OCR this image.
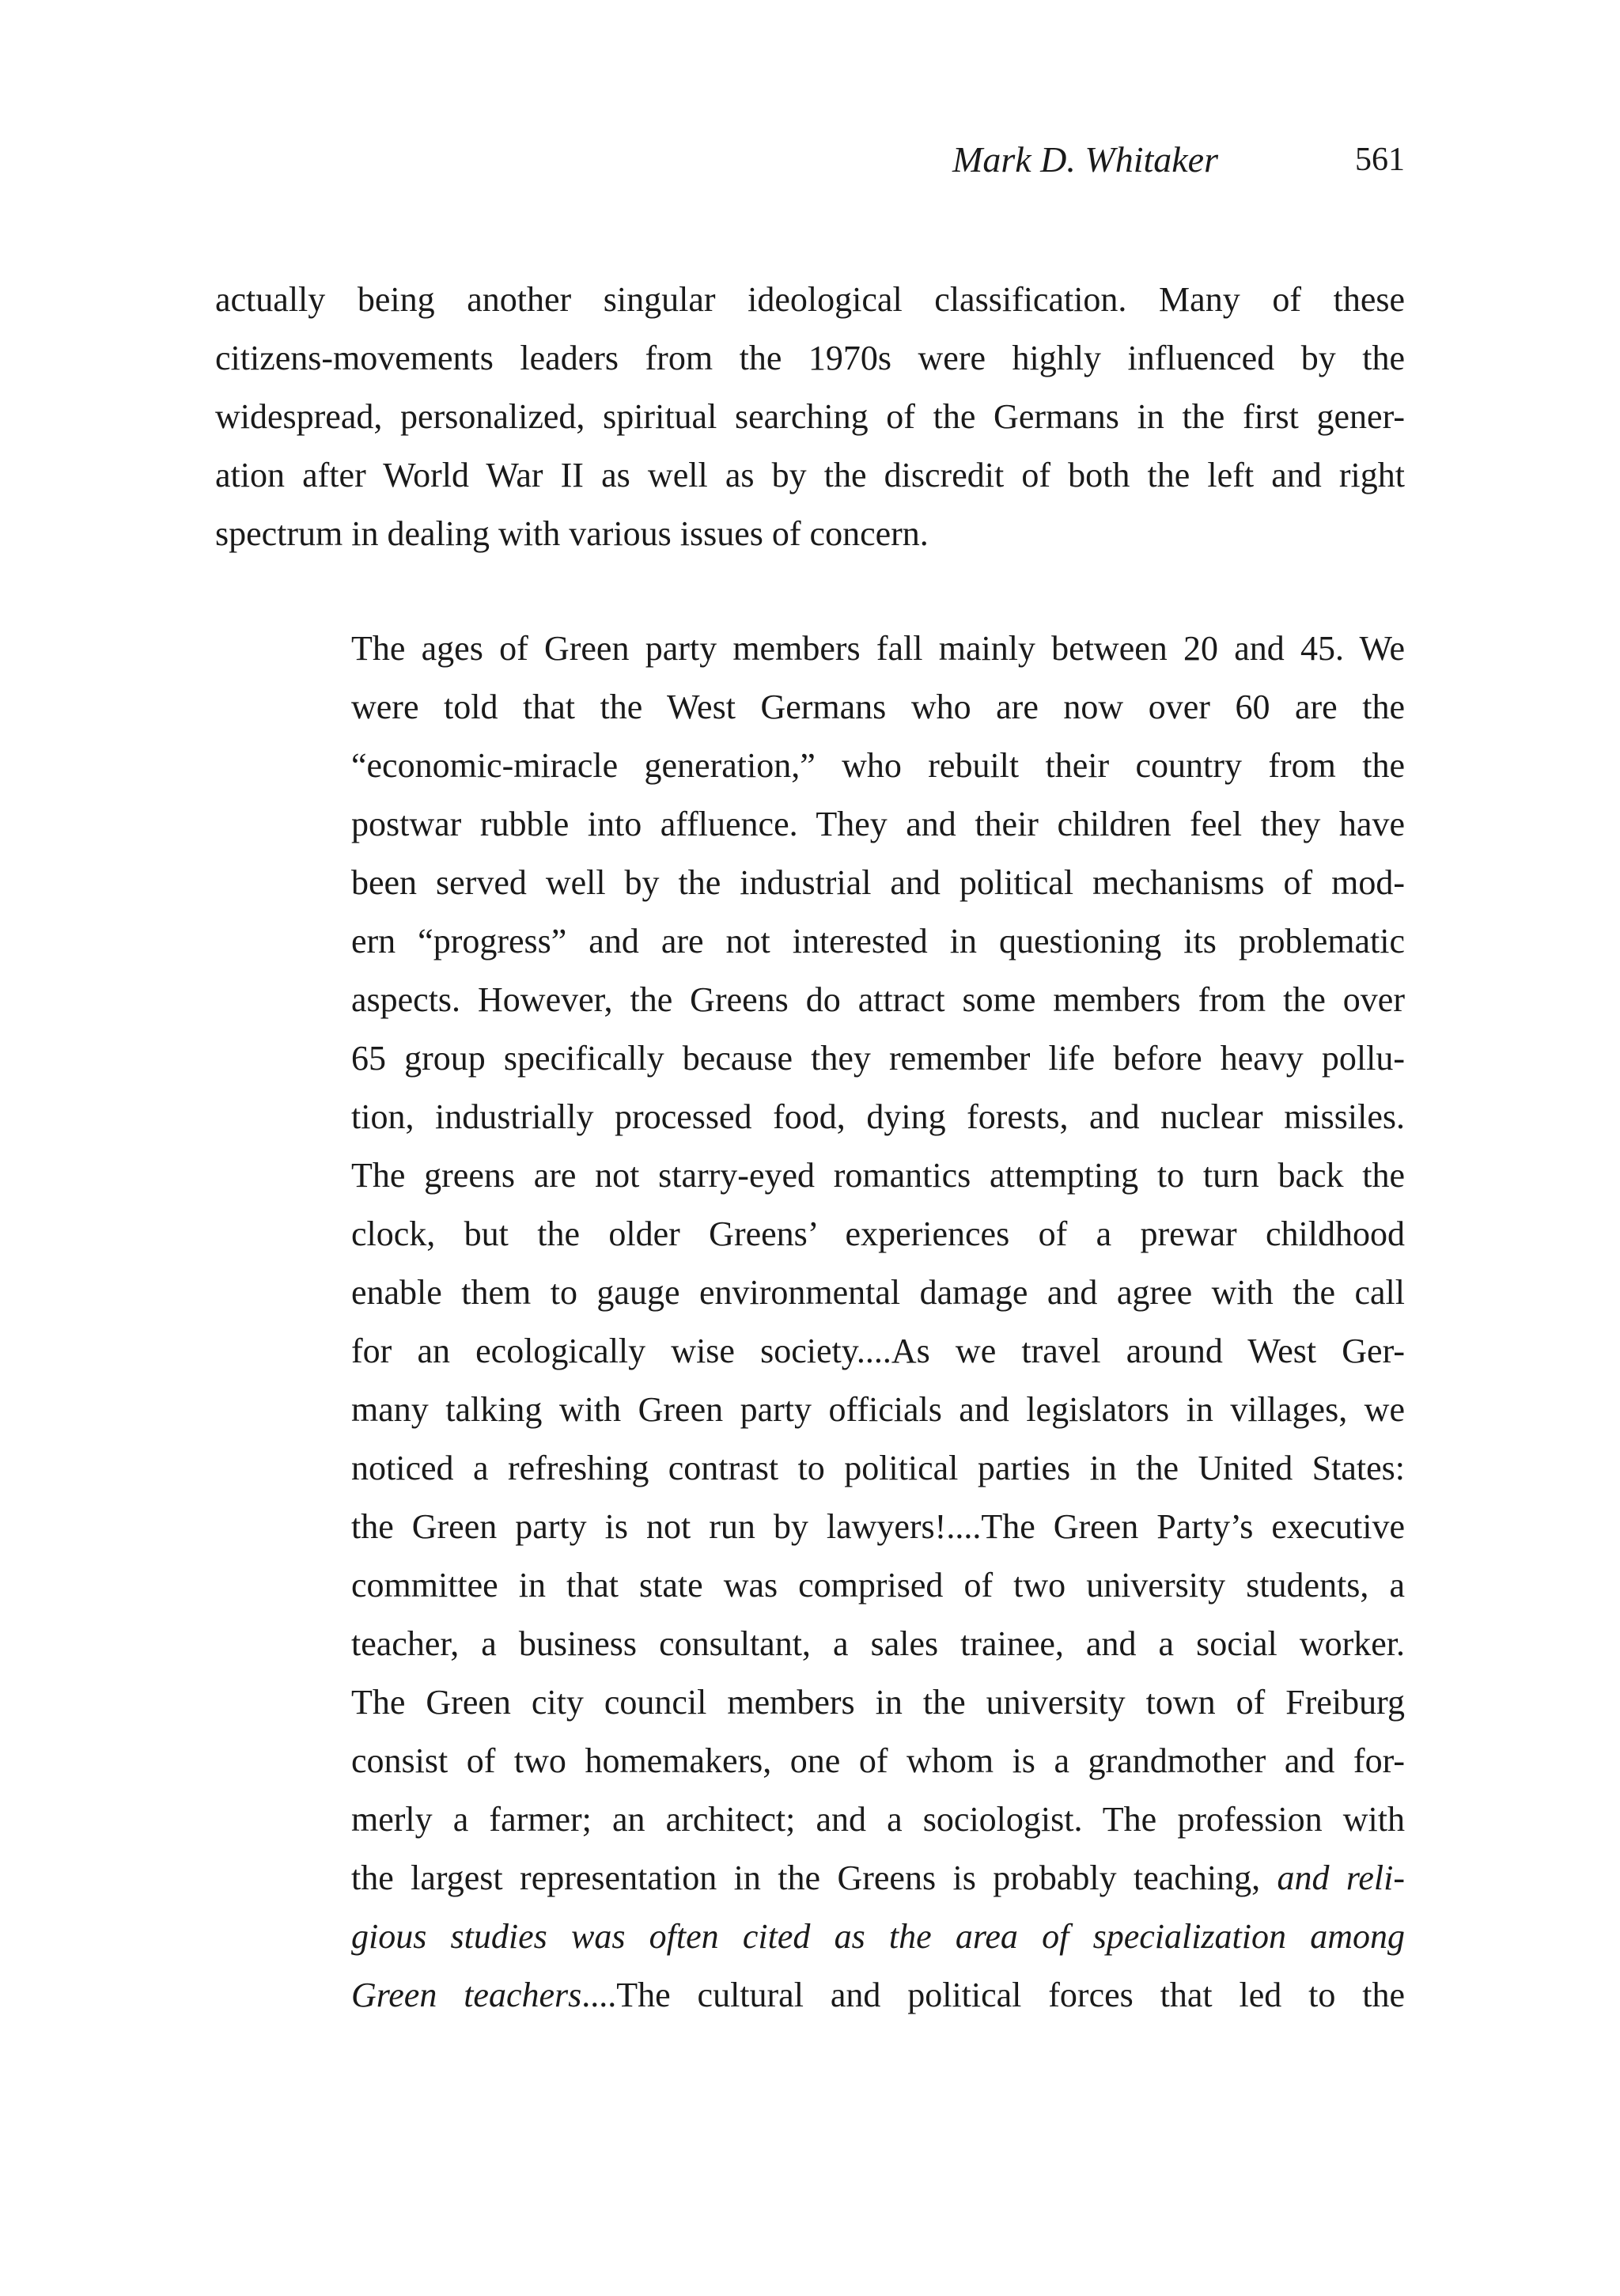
Mark D. Whitaker	561
actually being another singular ideological classification. Many of these
citizens-movements leaders from the 1970s were highly influenced by the
widespread, personalized, spiritual searching of the Germans in the first gener-
ation after World War II as well as by the discredit of both the left and right
spectrum in dealing with various issues of concern.
The ages of Green party members fall mainly between 20 and 45. We
were told that the West Germans who are now over 60 are the
“economic-miracle generation,” who rebuilt their country from the
postwar rubble into affluence. They and their children feel they have
been served well by the industrial and political mechanisms of mod-
ern “progress” and are not interested in questioning its problematic
aspects. However, the Greens do attract some members from the over
65 group specifically because they remember life before heavy pollu-
tion, industrially processed food, dying forests, and nuclear missiles.
The greens are not starry-eyed romantics attempting to turn back the
clock, but the older Greens’ experiences of a prewar childhood
enable them to gauge environmental damage and agree with the call
for an ecologically wise society....As we travel around West Ger-
many talking with Green party officials and legislators in villages, we
noticed a refreshing contrast to political parties in the United States:
the Green party is not run by lawyers!....The Green Party’s executive
committee in that state was comprised of two university students, a
teacher, a business consultant, a sales trainee, and a social worker.
The Green city council members in the university town of Freiburg
consist of two homemakers, one of whom is a grandmother and for-
merly a farmer; an architect; and a sociologist. The profession with
the largest representation in the Greens is probably teaching, and reli-
gious studies was often cited as the area of specialization among
Green teachers....The cultural and political forces that led to the
